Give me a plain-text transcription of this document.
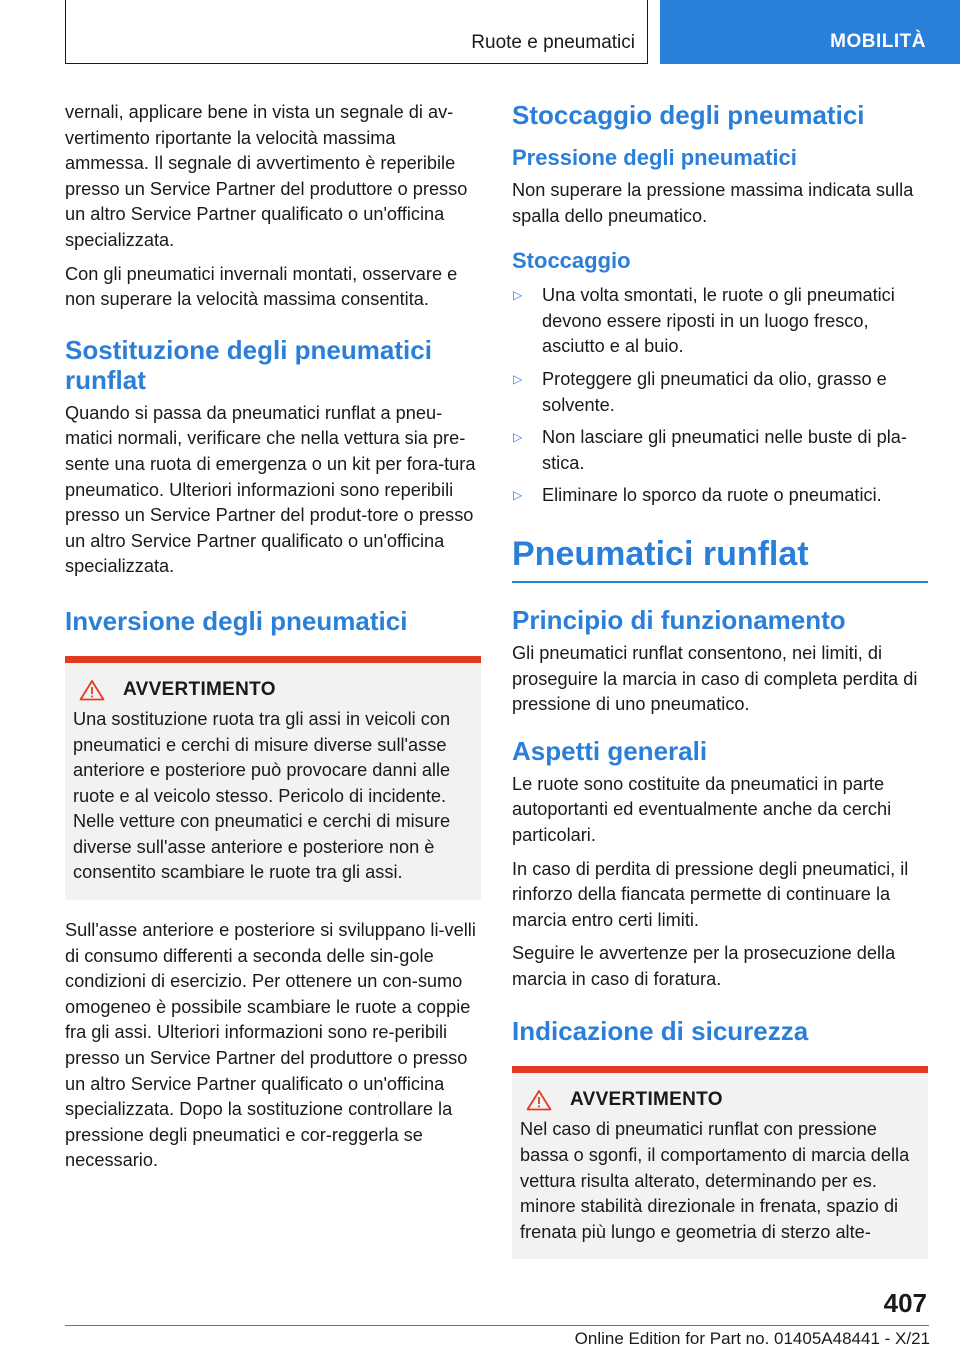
Ruote e pneumatici	MOBILITÀ

vernali, applicare bene in vista un segnale di av-vertimento riportante la velocità massima ammessa. Il segnale di avvertimento è reperibile presso un Service Partner del produttore o presso un altro Service Partner qualificato o un'officina specializzata.

Con gli pneumatici invernali montati, osservare e non superare la velocità massima consentita.

Sostituzione degli pneumatici runflat

Quando si passa da pneumatici runflat a pneu-matici normali, verificare che nella vettura sia pre-sente una ruota di emergenza o un kit per fora-tura pneumatico. Ulteriori informazioni sono reperibili presso un Service Partner del produt-tore o presso un altro Service Partner qualificato o un'officina specializzata.

Inversione degli pneumatici
AVVERTIMENTO

Una sostituzione ruota tra gli assi in veicoli con pneumatici e cerchi di misure diverse sull'asse anteriore e posteriore può provocare danni alle ruote e al veicolo stesso. Pericolo di incidente. Nelle vetture con pneumatici e cerchi di misure diverse sull'asse anteriore e posteriore non è consentito scambiare le ruote tra gli assi.

Sull'asse anteriore e posteriore si sviluppano li-velli di consumo differenti a seconda delle sin-gole condizioni di esercizio. Per ottenere un con-sumo omogeneo è possibile scambiare le ruote a coppie fra gli assi. Ulteriori informazioni sono re-peribili presso un Service Partner del produttore o presso un altro Service Partner qualificato o un'officina specializzata. Dopo la sostituzione controllare la pressione degli pneumatici e cor-reggerla se necessario.

Stoccaggio degli pneumatici
Pressione degli pneumatici

Non superare la pressione massima indicata sulla spalla dello pneumatico.

Stoccaggio
▷	Una volta smontati, le ruote o gli pneumatici devono essere riposti in un luogo fresco, asciutto e al buio.
▷	Proteggere gli pneumatici da olio, grasso e solvente.
▷	Non lasciare gli pneumatici nelle buste di pla-stica.
▷	Eliminare lo sporco da ruote o pneumatici.
Pneumatici runflat
Principio di funzionamento

Gli pneumatici runflat consentono, nei limiti, di proseguire la marcia in caso di completa perdita di pressione di uno pneumatico.

Aspetti generali

Le ruote sono costituite da pneumatici in parte autoportanti ed eventualmente anche da cerchi particolari.

In caso di perdita di pressione degli pneumatici, il rinforzo della fiancata permette di continuare la marcia entro certi limiti.

Seguire le avvertenze per la prosecuzione della marcia in caso di foratura.

Indicazione di sicurezza
AVVERTIMENTO

Nel caso di pneumatici runflat con pressione bassa o sgonfi, il comportamento di marcia della vettura risulta alterato, determinando per es. minore stabilità direzionale in frenata, spazio di frenata più lungo e geometria di sterzo alte-

407
Online Edition for Part no. 01405A48441 - X/21
